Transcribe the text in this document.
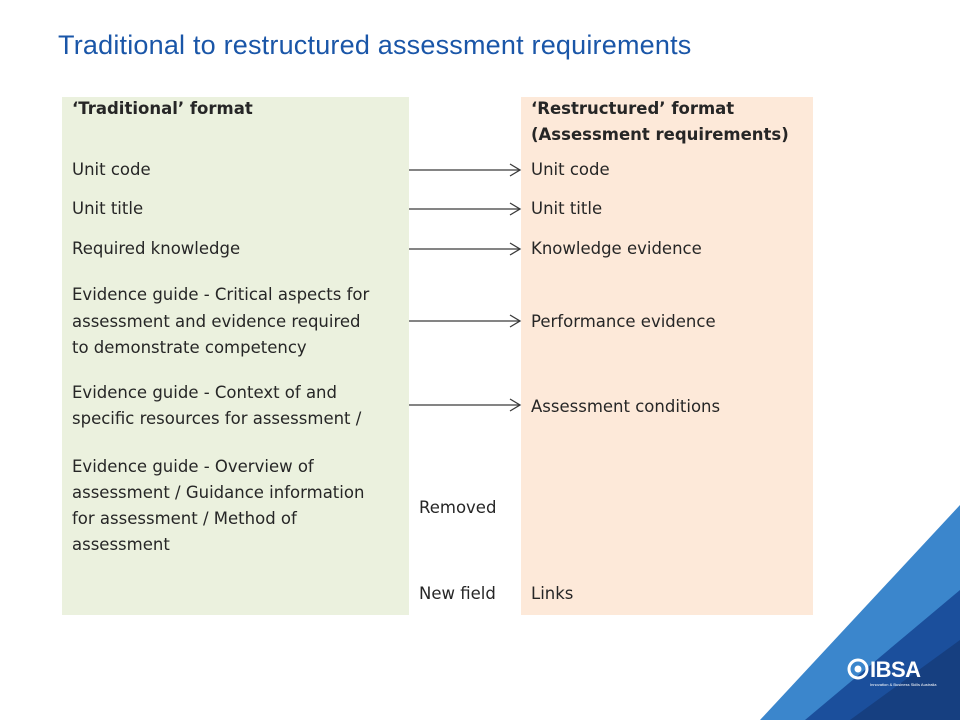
Traditional to restructured assessment requirements
‘Traditional’ format
Unit code
Unit title
Required knowledge
Evidence guide - Critical aspects for
assessment and evidence required
to demonstrate competency
Evidence guide - Context of and
specific resources for assessment /
Evidence guide - Overview of
assessment / Guidance information
for assessment / Method of
assessment
Removed
New field
‘Restructured’ format
(Assessment requirements)
Unit code
Unit title
Knowledge evidence
Performance evidence
Assessment conditions
Links
IBSA
Innovation & Business Skills Australia
